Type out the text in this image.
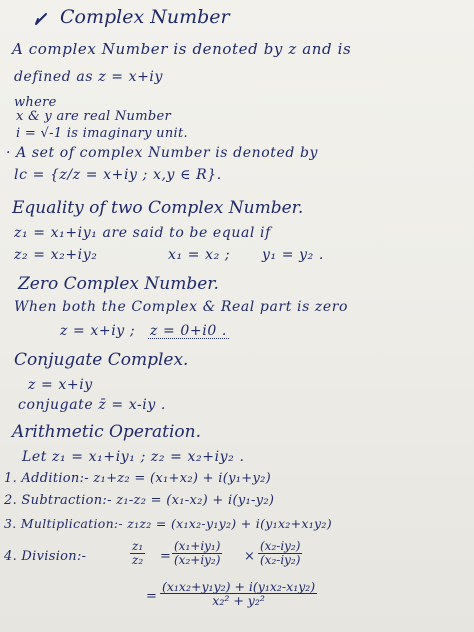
Complex Number
A complex Number is denoted by z and is
defined as z = x+iy
where
x & y are real Number
i = √-1 is imaginary unit.
· A set of complex Number is denoted by
lc = {z/z = x+iy ; x,y ∈ R}.
Equality of two Complex Number.
z₁ = x₁+iy₁ are said to be equal if
z₂ = x₂+iy₂	x₁ = x₂ ; y₁ = y₂ .
Zero Complex Number.
When both the Complex & Real part is zero
z = x+iy ; z = 0+i0 .
Conjugate Complex.
z = x+iy
conjugate z̄ = x-iy .
Arithmetic Operation.
Let z₁ = x₁+iy₁ ; z₂ = x₂+iy₂ .
1. Addition:- z₁+z₂ = (x₁+x₂) + i(y₁+y₂)
2. Subtraction:- z₁-z₂ = (x₁-x₂) + i(y₁-y₂)
3. Multiplication:- z₁z₂ = (x₁x₂-y₁y₂) + i(y₁x₂+x₁y₂)
4. Division:-	$\frac{\text{z₁}}{\text{z₂}} = \frac{\text{(x₁+iy₁)}}{\text{(x₂+iy₂)}} \times \frac{\text{(x₂-iy₂)}}{\text{(x₂-iy₂)}}$
= $\frac{\text{(x₁x₂+y₁y₂) + i(y₁x₂-x₁y₂)}}{\text{x₂² + y₂²}}$
